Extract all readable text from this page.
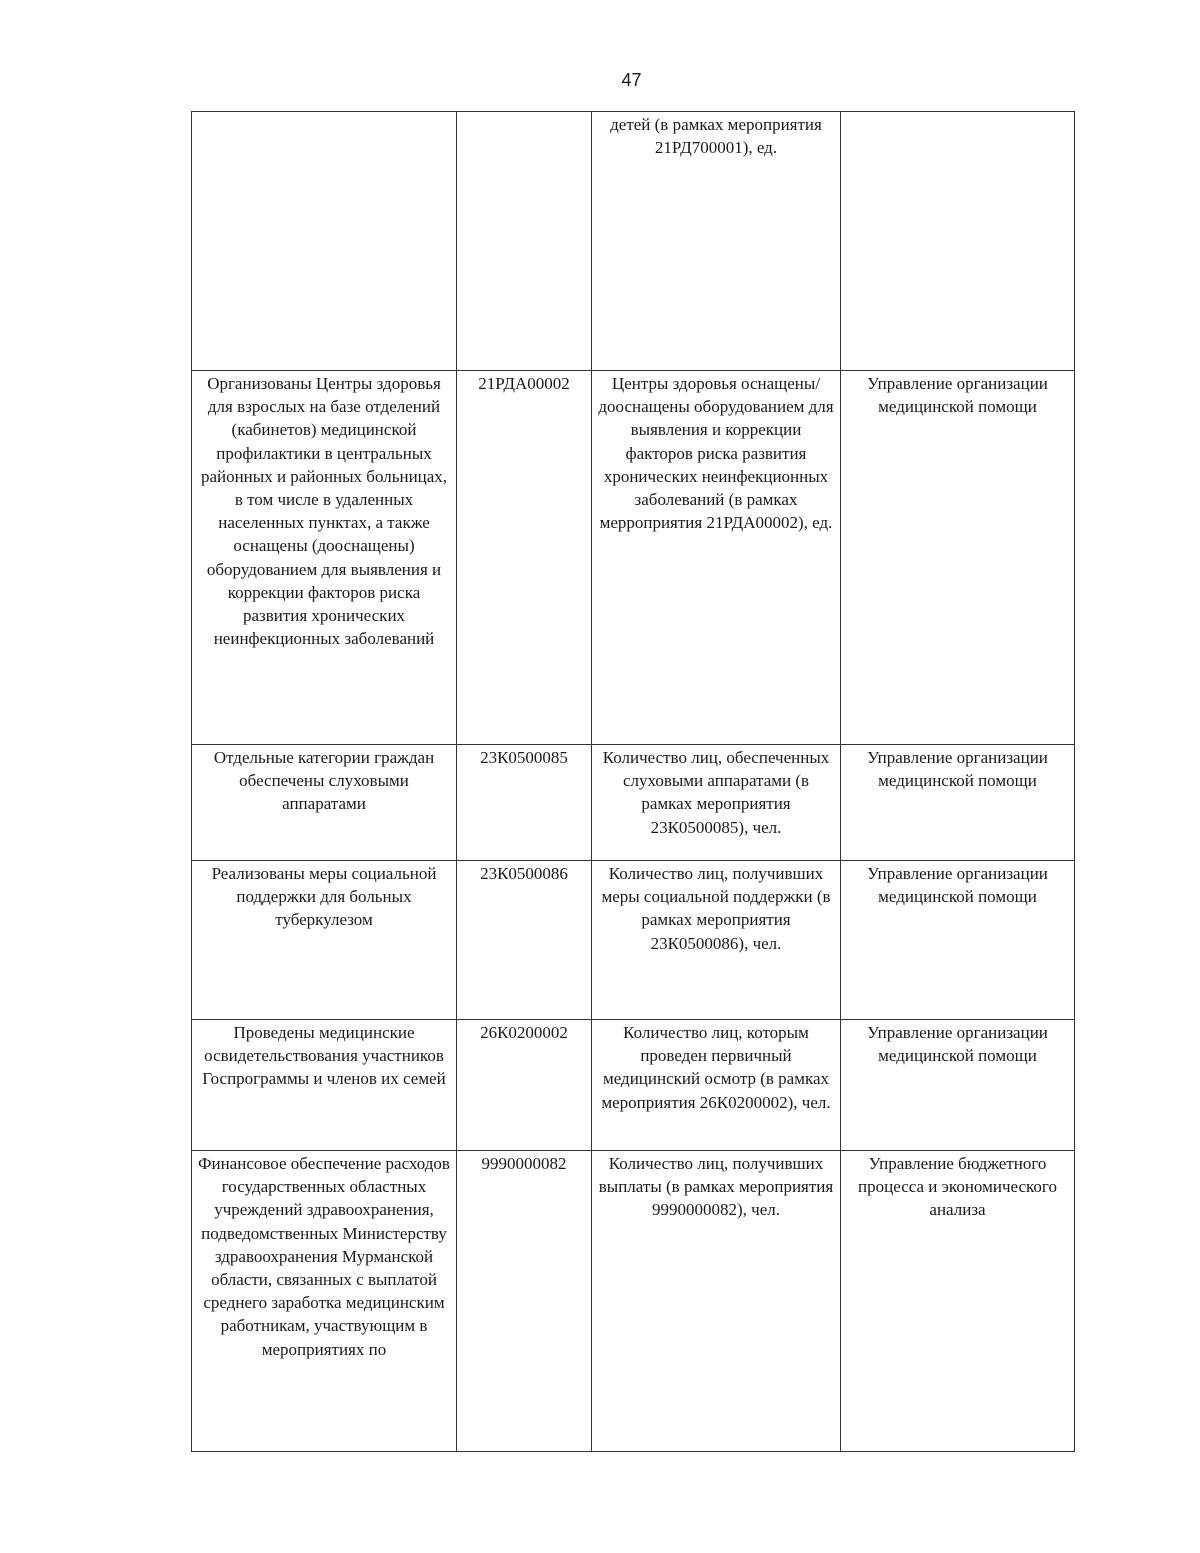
47
		детей (в рамках мероприятия 21РД700001), ед.	
Организованы Центры здоровья для взрослых на базе отделений (кабинетов) медицинской профилактики в центральных районных и районных больницах, в том числе в удаленных населенных пунктах, а также оснащены (дооснащены) оборудованием для выявления и коррекции факторов риска развития хронических неинфекционных заболеваний	21РДА00002	Центры здоровья оснащены/дооснащены оборудованием для выявления и коррекции факторов риска развития хронических неинфекционных заболеваний (в рамках мерроприятия 21РДА00002), ед.	Управление организации медицинской помощи
Отдельные категории граждан обеспечены слуховыми аппаратами	23К0500085	Количество лиц, обеспеченных слуховыми аппаратами (в рамках мероприятия 23К0500085), чел.	Управление организации медицинской помощи
Реализованы меры социальной поддержки для больных туберкулезом	23К0500086	Количество лиц, получивших меры социальной поддержки (в рамках мероприятия 23К0500086), чел.	Управление организации медицинской помощи
Проведены медицинские освидетельствования участников Госпрограммы и членов их семей	26К0200002	Количество лиц, которым проведен первичный медицинский осмотр (в рамках мероприятия 26К0200002), чел.	Управление организации медицинской помощи
Финансовое обеспечение расходов государственных областных учреждений здравоохранения, подведомственных Министерству здравоохранения Мурманской области, связанных с выплатой среднего заработка медицинским работникам, участвующим в мероприятиях по	9990000082	Количество лиц, получивших выплаты (в рамках мероприятия 9990000082), чел.	Управление бюджетного процесса и экономического анализа
